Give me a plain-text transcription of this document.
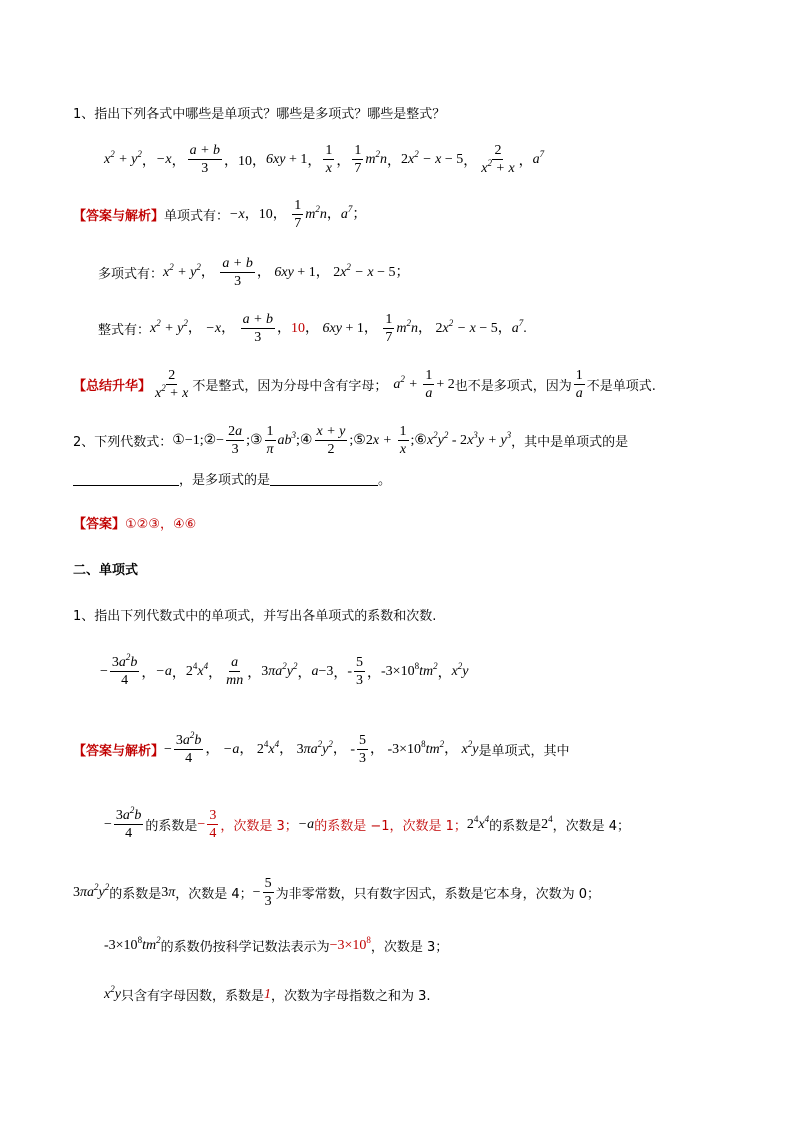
1、指出下列各式中哪些是单项式？哪些是多项式？哪些是整式？
$x^2 + y^2$ ， −x ， $\frac{a + b}{3}$ ，10， 6xy + 1 ， $\frac{1}{x}$ ， $\frac{1}{7} m^2n$ ， $2x^2 - x - 5$ ， $\frac{2}{x^2 + x}$ ， $a^7$
【答案与解析】 单项式有： −x，10， $\frac{1}{7} m^2n$，$a^7$；
多项式有： $x^2 + y^2$， $\frac{a + b}{3}$ ， 6xy + 1， $2x^2 - x - 5$；
整式有： $x^2 + y^2$， −x， $\frac{a + b}{3}$ ，10， 6xy + 1， $\frac{1}{7} m^2n$， $2x^2 - x - 5$，$a^7$.
【总结升华】 $\frac{2}{x^2 + x}$ 不是整式，因为分母中含有字母； $a^2 + \frac{1}{a} + 2$ 也不是多项式，因为 $\frac{1}{a}$ 不是单项式.
2、下列代数式： ①−1;②− $\frac{2a}{3}$ ;③ $\frac{1}{\pi}$ $ab^3;④ \frac{x + y}{2}$ ;⑤2x + $\frac{1}{x}$ $;⑥x^2y^2 - 2x^3y + y^3$
，其中是单项式的是
，是多项式的是	。
【答案】 ①②③，④⑥
二、单项式
1、指出下列代数式中的单项式，并写出各单项式的系数和次数.
− $\frac{3a^2b}{4}$ ， −a ， $2^4x^4$ ， $\frac{a}{mn}$ ， $3\pi a^2y^2$ ， a−3 ， - $\frac{5}{3}$ ， $-3\times 10^8tm^2$ ， $x^2y$
【答案与解析】 − $\frac{3a^2b}{4}$ ， −a， $2^4x^4$， $3\pi a^2y^2$， - $\frac{5}{3}$ ， $-3\times 10^8tm^2$， $x^2y$ 是单项式，其中
− $\frac{3a^2b}{4}$ 的系数是 − $\frac{3}{4}$ ，次数是 3； −a 的系数是 −1，次数是 1； $2^4x^4$
的系数是 $2^4$
，次数是 4；
$3\pi a^2y^2$
的系数是 3π ，次数是 4； − $\frac{5}{3}$ 为非零常数，只有数字因式，系数是它本身，次数为 0；
$-3\times 10^8tm^2$
的系数仍按科学记数法表示为 $-3\times 10^8$
，次数是 3；
$x^2y$ 只含有字母因数，系数是 1 ，次数为字母指数之和为 3.
